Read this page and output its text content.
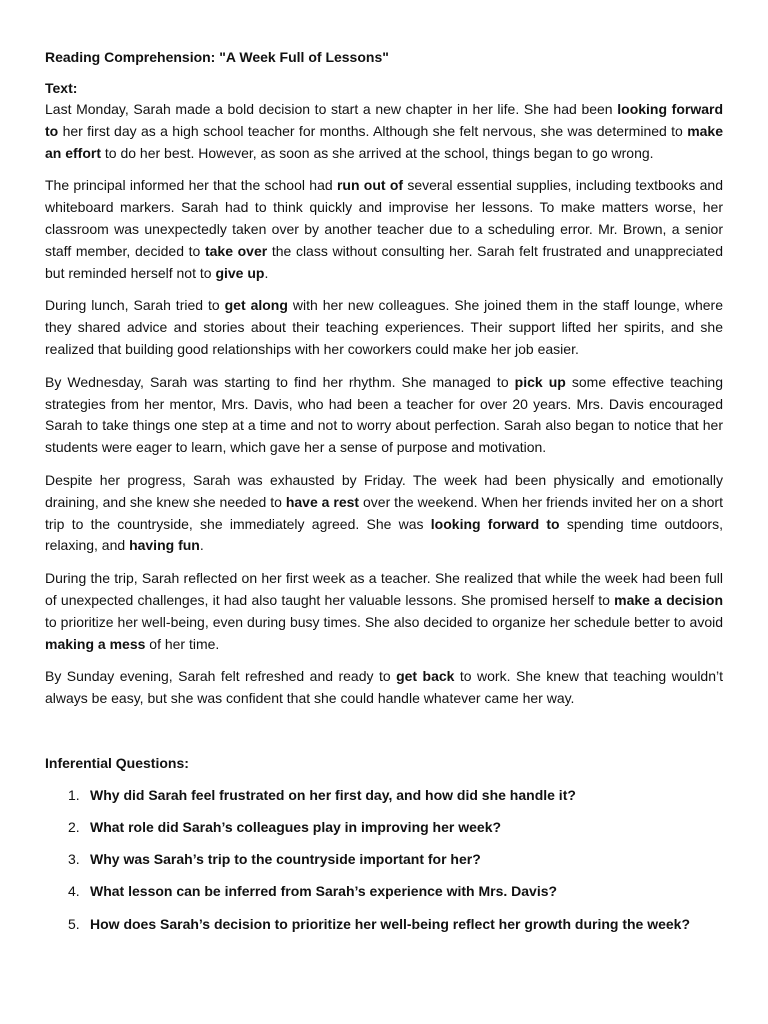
Reading Comprehension: "A Week Full of Lessons"

Text:

Last Monday, Sarah made a bold decision to start a new chapter in her life. She had been looking forward to her first day as a high school teacher for months. Although she felt nervous, she was determined to make an effort to do her best. However, as soon as she arrived at the school, things began to go wrong.

The principal informed her that the school had run out of several essential supplies, including textbooks and whiteboard markers. Sarah had to think quickly and improvise her lessons. To make matters worse, her classroom was unexpectedly taken over by another teacher due to a scheduling error. Mr. Brown, a senior staff member, decided to take over the class without consulting her. Sarah felt frustrated and unappreciated but reminded herself not to give up.

During lunch, Sarah tried to get along with her new colleagues. She joined them in the staff lounge, where they shared advice and stories about their teaching experiences. Their support lifted her spirits, and she realized that building good relationships with her coworkers could make her job easier.

By Wednesday, Sarah was starting to find her rhythm. She managed to pick up some effective teaching strategies from her mentor, Mrs. Davis, who had been a teacher for over 20 years. Mrs. Davis encouraged Sarah to take things one step at a time and not to worry about perfection. Sarah also began to notice that her students were eager to learn, which gave her a sense of purpose and motivation.

Despite her progress, Sarah was exhausted by Friday. The week had been physically and emotionally draining, and she knew she needed to have a rest over the weekend. When her friends invited her on a short trip to the countryside, she immediately agreed. She was looking forward to spending time outdoors, relaxing, and having fun.

During the trip, Sarah reflected on her first week as a teacher. She realized that while the week had been full of unexpected challenges, it had also taught her valuable lessons. She promised herself to make a decision to prioritize her well-being, even during busy times. She also decided to organize her schedule better to avoid making a mess of her time.

By Sunday evening, Sarah felt refreshed and ready to get back to work. She knew that teaching wouldn’t always be easy, but she was confident that she could handle whatever came her way.

Inferential Questions:

1. Why did Sarah feel frustrated on her first day, and how did she handle it?
2. What role did Sarah’s colleagues play in improving her week?
3. Why was Sarah’s trip to the countryside important for her?
4. What lesson can be inferred from Sarah’s experience with Mrs. Davis?
5. How does Sarah’s decision to prioritize her well-being reflect her growth during the week?
